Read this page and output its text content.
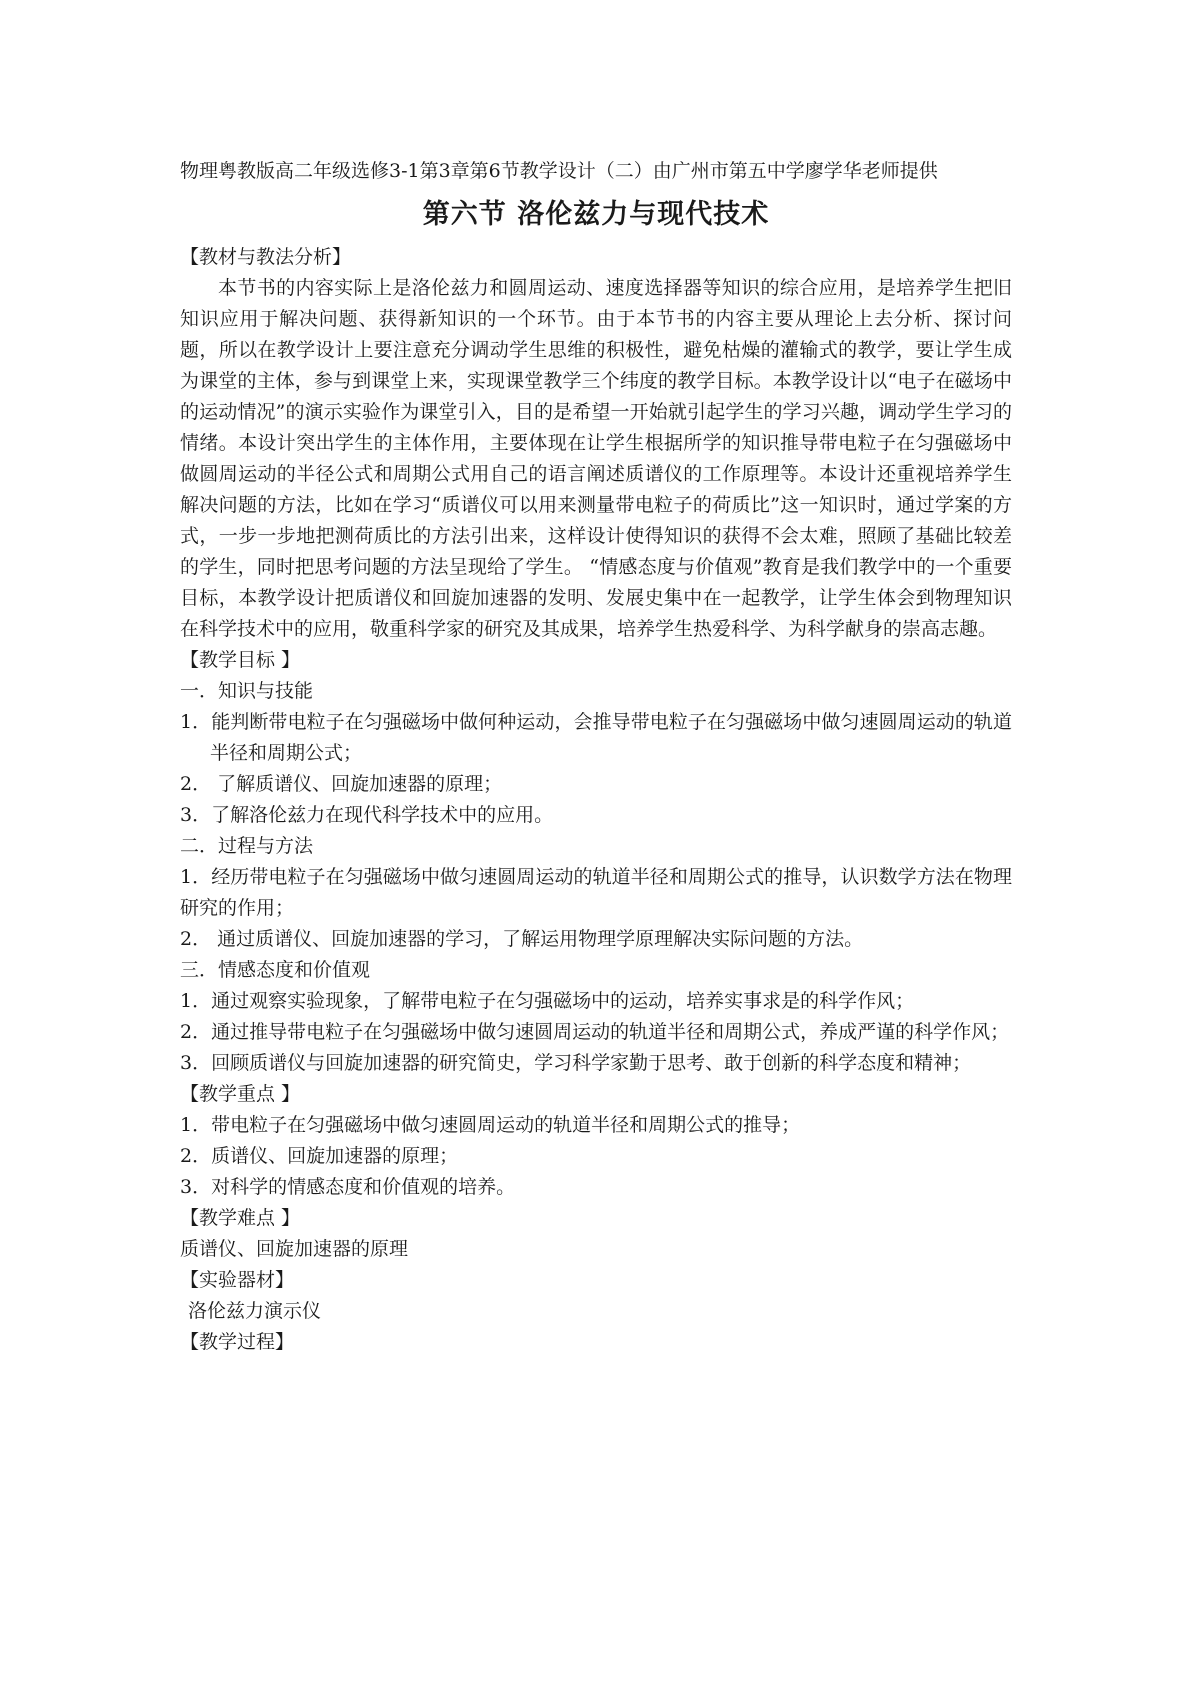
物理粤教版高二年级选修3-1第3章第6节教学设计（二）由广州市第五中学廖学华老师提供

第六节 洛伦兹力与现代技术

【教材与教法分析】

本节书的内容实际上是洛伦兹力和圆周运动、速度选择器等知识的综合应用，是培养学生把旧知识应用于解决问题、获得新知识的一个环节。由于本节书的内容主要从理论上去分析、探讨问题，所以在教学设计上要注意充分调动学生思维的积极性，避免枯燥的灌输式的教学，要让学生成为课堂的主体，参与到课堂上来，实现课堂教学三个纬度的教学目标。本教学设计以“电子在磁场中的运动情况”的演示实验作为课堂引入，目的是希望一开始就引起学生的学习兴趣，调动学生学习的情绪。本设计突出学生的主体作用，主要体现在让学生根据所学的知识推导带电粒子在匀强磁场中做圆周运动的半径公式和周期公式用自己的语言阐述质谱仪的工作原理等。本设计还重视培养学生解决问题的方法，比如在学习“质谱仪可以用来测量带电粒子的荷质比”这一知识时，通过学案的方式，一步一步地把测荷质比的方法引出来，这样设计使得知识的获得不会太难，照顾了基础比较差的学生，同时把思考问题的方法呈现给了学生。 “情感态度与价值观”教育是我们教学中的一个重要目标，本教学设计把质谱仪和回旋加速器的发明、发展史集中在一起教学，让学生体会到物理知识在科学技术中的应用，敬重科学家的研究及其成果，培养学生热爱科学、为科学献身的崇高志趣。

【教学目标 】

一．知识与技能

1．能判断带电粒子在匀强磁场中做何种运动，会推导带电粒子在匀强磁场中做匀速圆周运动的轨道半径和周期公式；

2． 了解质谱仪、回旋加速器的原理；

3．了解洛伦兹力在现代科学技术中的应用。

二．过程与方法

1．经历带电粒子在匀强磁场中做匀速圆周运动的轨道半径和周期公式的推导，认识数学方法在物理研究的作用；

2． 通过质谱仪、回旋加速器的学习，了解运用物理学原理解决实际问题的方法。

三．情感态度和价值观

1．通过观察实验现象，了解带电粒子在匀强磁场中的运动，培养实事求是的科学作风；

2．通过推导带电粒子在匀强磁场中做匀速圆周运动的轨道半径和周期公式，养成严谨的科学作风；

3．回顾质谱仪与回旋加速器的研究简史，学习科学家勤于思考、敢于创新的科学态度和精神；

【教学重点 】

1．带电粒子在匀强磁场中做匀速圆周运动的轨道半径和周期公式的推导；

2．质谱仪、回旋加速器的原理；

3．对科学的情感态度和价值观的培养。

【教学难点 】

质谱仪、回旋加速器的原理

【实验器材】

洛伦兹力演示仪

【教学过程】
